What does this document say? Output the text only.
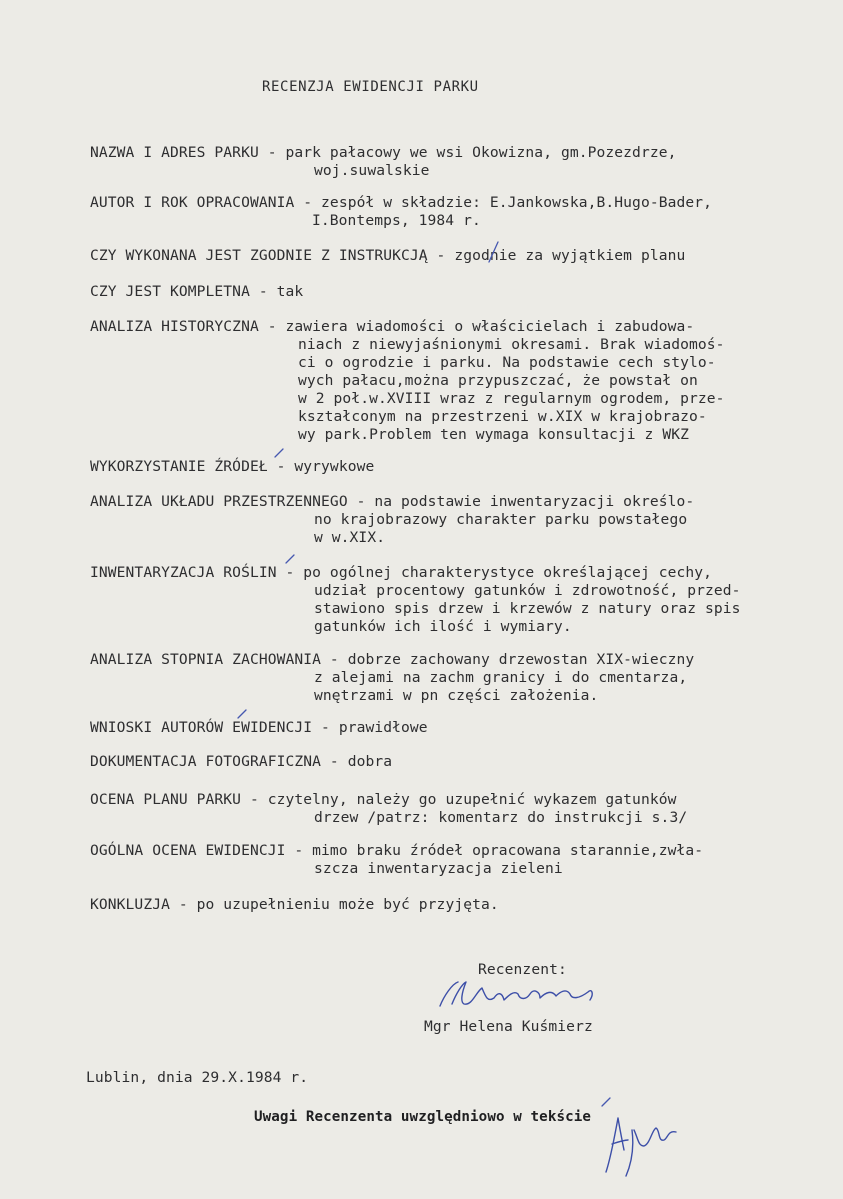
RECENZJA EWIDENCJI PARKU
NAZWA I ADRES PARKU - park pałacowy we wsi Okowizna, gm.Pozezdrze,
woj.suwalskie
AUTOR I ROK OPRACOWANIA - zespół w składzie: E.Jankowska,B.Hugo-Bader,
I.Bontemps, 1984 r.
CZY WYKONANA JEST ZGODNIE Z INSTRUKCJĄ - zgodnie za wyjątkiem planu
CZY JEST KOMPLETNA - tak
ANALIZA HISTORYCZNA - zawiera wiadomości o właścicielach i zabudowa-
niach z niewyjaśnionymi okresami. Brak wiadomoś-
ci o ogrodzie i parku. Na podstawie cech stylo-
wych pałacu,można przypuszczać, że powstał on
w 2 poł.w.XVIII wraz z regularnym ogrodem, prze-
kształconym na przestrzeni w.XIX w krajobrazo-
wy park.Problem ten wymaga konsultacji z WKZ
WYKORZYSTANIE ŹRÓDEŁ - wyrywkowe
ANALIZA UKŁADU PRZESTRZENNEGO - na podstawie inwentaryzacji określo-
no krajobrazowy charakter parku powstałego
w w.XIX.
INWENTARYZACJA ROŚLIN - po ogólnej charakterystyce określającej cechy,
udział procentowy gatunków i zdrowotność, przed-
stawiono spis drzew i krzewów z natury oraz spis
gatunków ich ilość i wymiary.
ANALIZA STOPNIA ZACHOWANIA - dobrze zachowany drzewostan XIX-wieczny
z alejami na zachm granicy i do cmentarza,
wnętrzami w pn części założenia.
WNIOSKI AUTORÓW EWIDENCJI - prawidłowe
DOKUMENTACJA FOTOGRAFICZNA - dobra
OCENA PLANU PARKU - czytelny, należy go uzupełnić wykazem gatunków
drzew /patrz: komentarz do instrukcji s.3/
OGÓLNA OCENA EWIDENCJI - mimo braku źródeł opracowana starannie,zwła-
szcza inwentaryzacja zieleni
KONKLUZJA - po uzupełnieniu może być przyjęta.
Recenzent:
Mgr Helena Kuśmierz
Lublin, dnia 29.X.1984 r.
Uwagi Recenzenta uwzględniowo w tekście
